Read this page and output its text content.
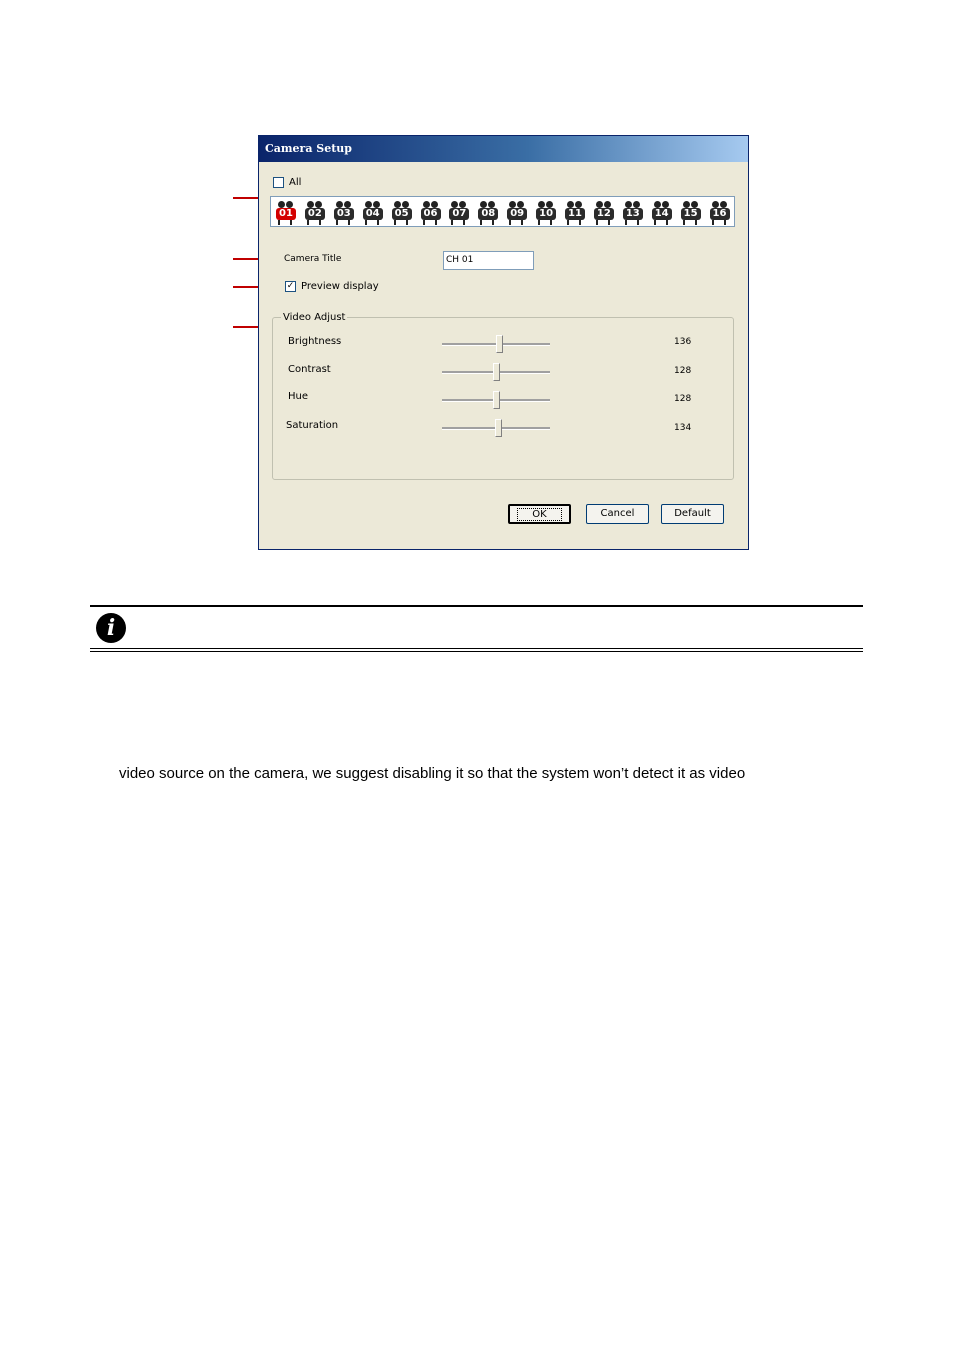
Camera Setup
All
01	02	03	04	05	06	07	08	09	10	11	12	13	14	15	16
Camera Title	CH 01
✓ Preview display
Video Adjust
Brightness	136
Contrast	128
Hue	128
Saturation	134
OK	Cancel	Default
i
video source on the camera, we suggest disabling it so that the system won’t detect it as video
